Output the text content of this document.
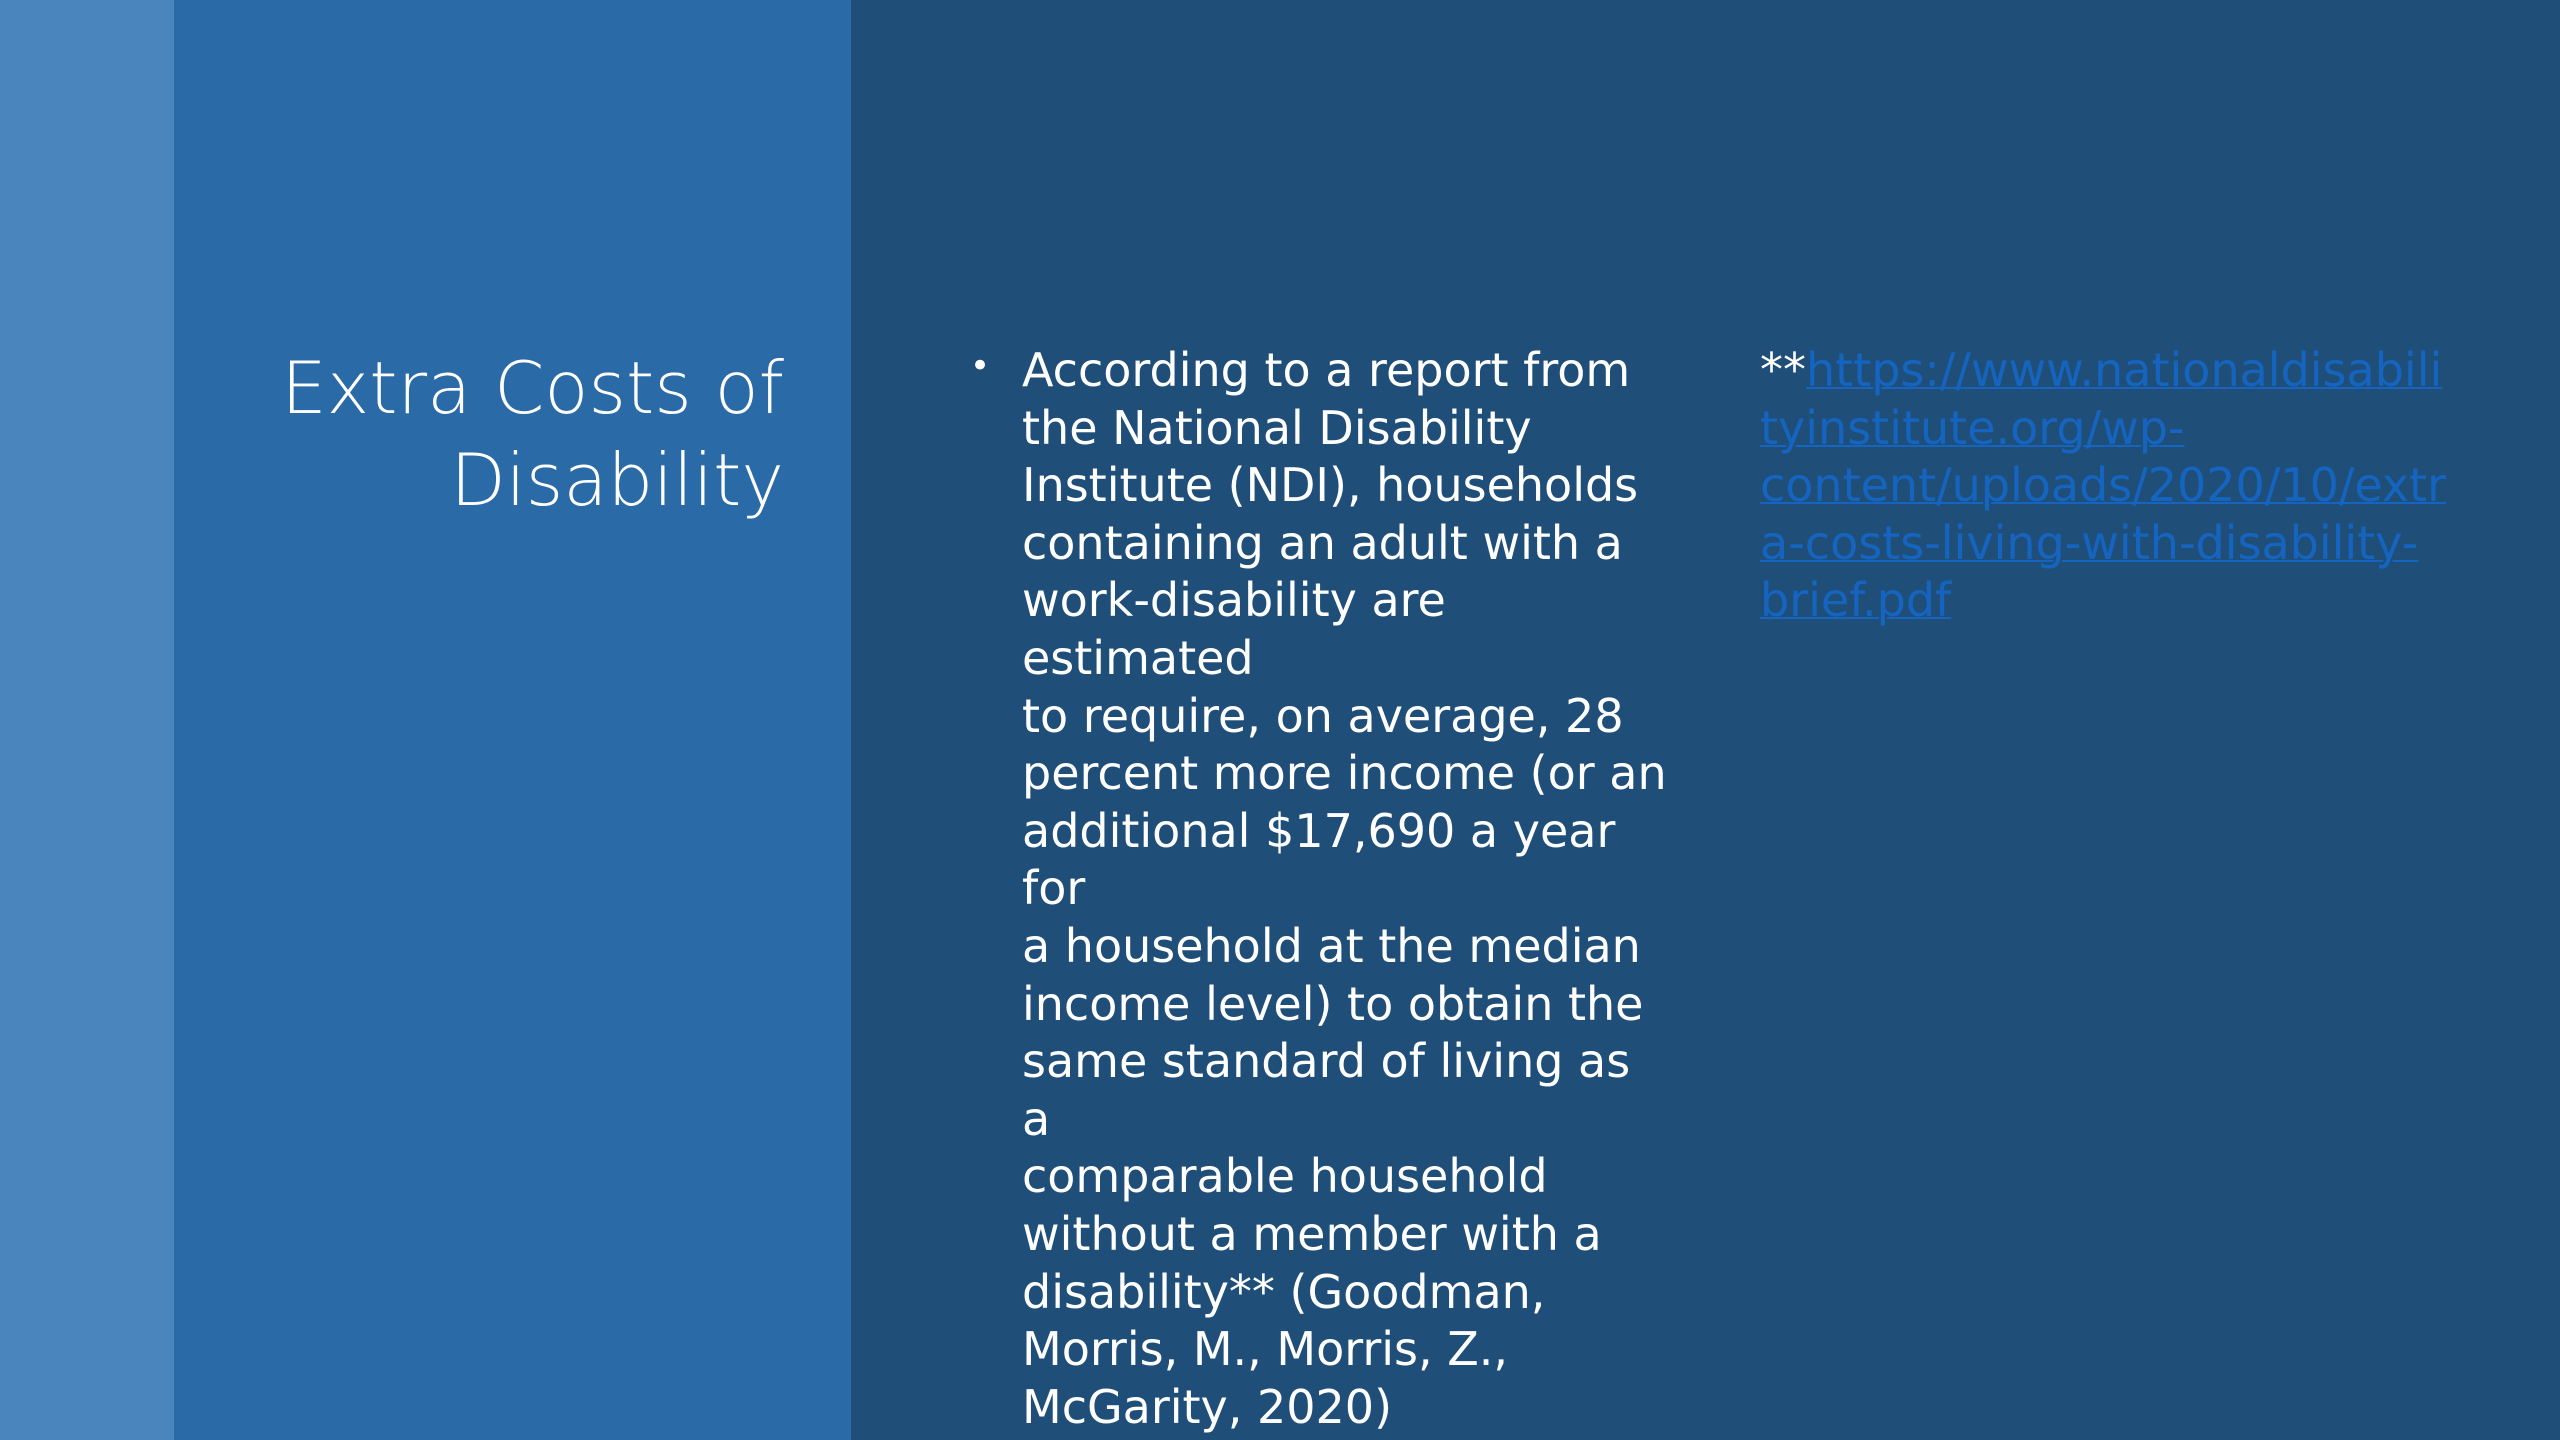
Extra Costs of
Disability
• According to a report from
the National Disability
Institute (NDI), households
containing an adult with a
work-disability are estimated
to require, on average, 28
percent more income (or an
additional $17,690 a year for
a household at the median
income level) to obtain the
same standard of living as a
comparable household
without a member with a
disability** (Goodman,
Morris, M., Morris, Z.,
McGarity, 2020)
**https://www.nationaldisabili
tyinstitute.org/wp-
content/uploads/2020/10/extr
a-costs-living-with-disability-
brief.pdf
